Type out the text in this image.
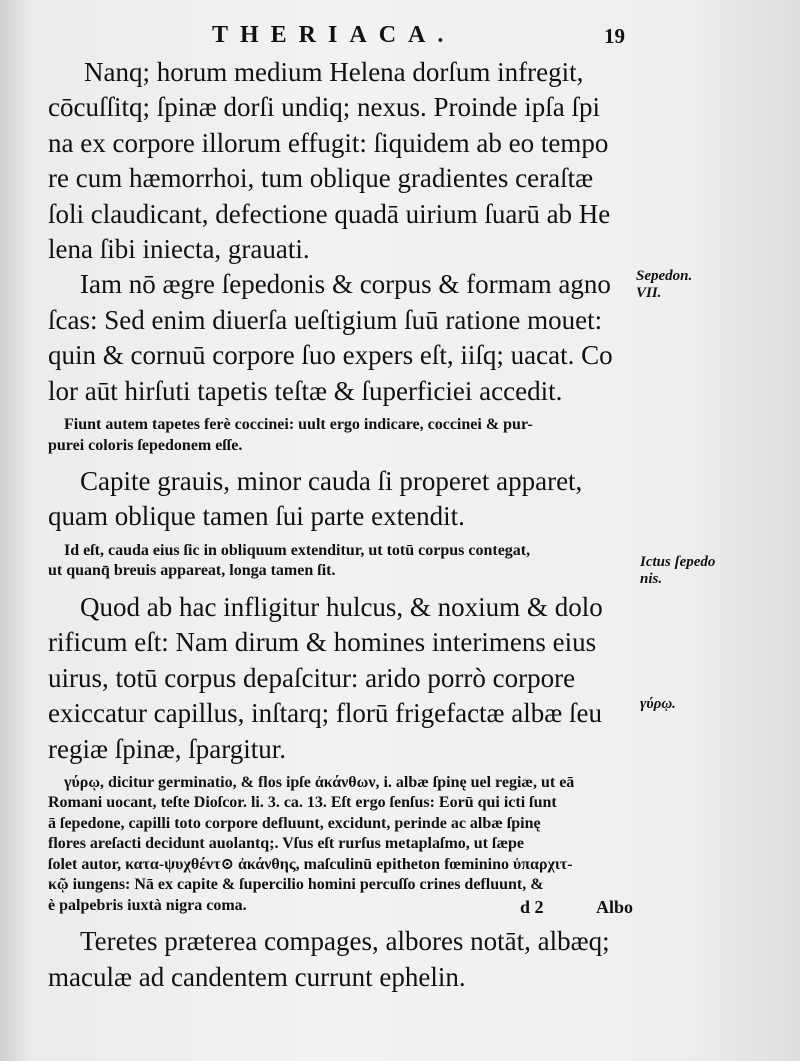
THERIACA.	19
Nanq; horum medium Helena dorſum infregit,
cōcuſſitq; ſpinæ dorſi undiq; nexus. Proinde ipſa ſpi
na ex corpore illorum effugit: ſiquidem ab eo tempo
re cum hæmorrhoi, tum oblique gradientes ceraſtæ
ſoli claudicant, defectione quadā uirium ſuarū ab He
lena ſibi iniecta, grauati.
Iam nō ægre ſepedonis & corpus & formam agno
ſcas: Sed enim diuerſa ueſtigium ſuū ratione mouet:
quin & cornuū corpore ſuo expers eſt, iiſq; uacat. Co
lor aūt hirſuti tapetis teſtæ & ſuperficiei accedit.
Fiunt autem tapetes ferè coccinei: uult ergo indicare, coccinei & pur-
purei coloris ſepedonem eſſe.
Capite grauis, minor cauda ſi properet apparet,
quam oblique tamen ſui parte extendit.
Id eſt, cauda eius ſic in obliquum extenditur, ut totū corpus contegat,
ut quanq̄ breuis appareat, longa tamen ſit.
Quod ab hac infligitur hulcus, & noxium & dolo
rificum eſt: Nam dirum & homines interimens eius
uirus, totū corpus depaſcitur: arido porrò corpore
exiccatur capillus, inſtarq; florū frigefactæ albæ ſeu
regiæ ſpinæ, ſpargitur.
γύρῳ, dicitur germinatio, & flos ipſe ἀκάνθων, i. albæ ſpinę uel regiæ, ut eā
Romani uocant, teſte Dioſcor. li. 3. ca. 13. Eſt ergo ſenſus: Eorū qui icti ſunt
ā ſepedone, capilli toto corpore defluunt, excidunt, perinde ac albæ ſpinę
flores areſacti decidunt auolantq;. Vſus eſt rurſus metaplaſmo, ut ſæpe
ſolet autor, κατα-ψυχθέντ⊙ ἀκάνθης, maſculinū epitheton fœminino ὑπαρχιτ-
κῷ iungens: Nā ex capite & ſupercilio homini percuſſo crines defluunt, &
è palpebris iuxtà nigra coma.
Teretes præterea compages, albores notāt, albæq;
maculæ ad candentem currunt ephelin.
Sepedon.
VII.
Ictus ſepedo
nis.
γύρῳ.
d 2	Albo
